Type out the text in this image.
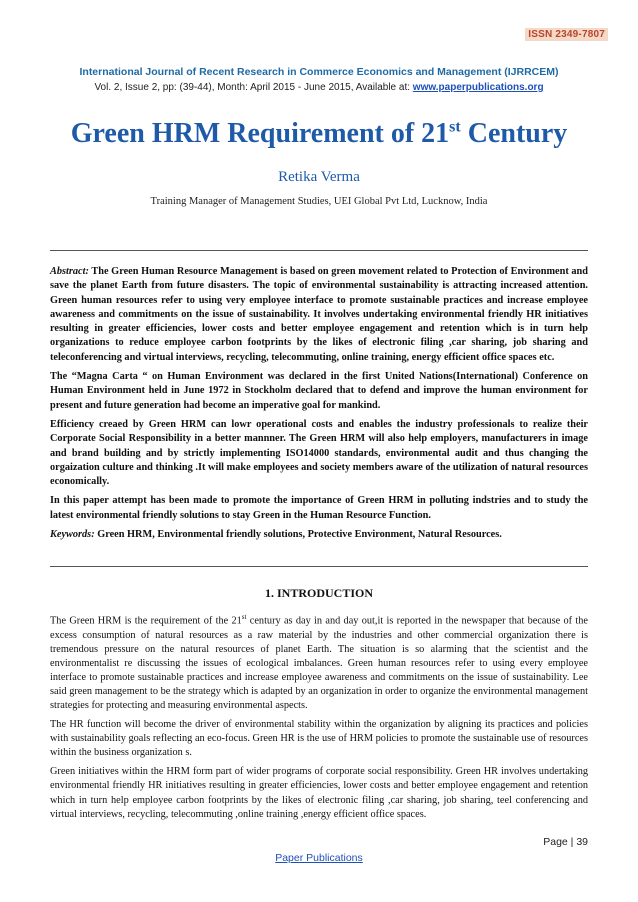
ISSN 2349-7807
International Journal of Recent Research in Commerce Economics and Management (IJRRCEM)
Vol. 2, Issue 2, pp: (39-44), Month: April 2015 - June 2015, Available at: www.paperpublications.org
Green HRM Requirement of 21st Century
Retika Verma
Training Manager of Management Studies, UEI Global Pvt Ltd, Lucknow, India

Abstract: The Green Human Resource Management is based on green movement related to Protection of Environment and save the planet Earth from future disasters. The topic of environmental sustainability is attracting increased attention. Green human resources refer to using very employee interface to promote sustainable practices and increase employee awareness and commitments on the issue of sustainability. It involves undertaking environmental friendly HR initiatives resulting in greater efficiencies, lower costs and better employee engagement and retention which is in turn help organizations to reduce employee carbon footprints by the likes of electronic filing ,car sharing, job sharing and teleconferencing and virtual interviews, recycling, telecommuting, online training, energy efficient office spaces etc.

The “Magna Carta “ on Human Environment was declared in the first United Nations(International) Conference on Human Environment held in June 1972 in Stockholm declared that to defend and improve the human environment for present and future generation had become an imperative goal for mankind.

Efficiency creaed by Green HRM can lowr operational costs and enables the industry professionals to realize their Corporate Social Responsibility in a better mannner. The Green HRM will also help employers, manufacturers in image and brand building and by strictly implementing ISO14000 standards, environmental audit and thus changing the orgaization culture and thinking .It will make employees and society members aware of the utilization of natural resources economically.

In this paper attempt has been made to promote the importance of Green HRM in polluting indstries and to study the latest environmental friendly solutions to stay Green in the Human Resource Function.

Keywords: Green HRM, Environmental friendly solutions, Protective Environment, Natural Resources.

1. INTRODUCTION

The Green HRM is the requirement of the 21st century as day in and day out,it is reported in the newspaper that because of the excess consumption of natural resources as a raw material by the industries and other commercial organization there is tremendous pressure on the natural resources of planet Earth. The situation is so alarming that the scientist and the environmentalist re discussing the issues of ecological imbalances. Green human resources refer to using every employee interface to promote sustainable practices and increase employee awareness and commitments on the issue of sustainability. Lee said green management to be the strategy which is adapted by an organization in order to organize the environmental management strategies for protecting and measuring environmental aspects.

The HR function will become the driver of environmental stability within the organization by aligning its practices and policies with sustainability goals reflecting an eco-focus. Green HR is the use of HRM policies to promote the sustainable use of resources within the business organization s.

Green initiatives within the HRM form part of wider programs of corporate social responsibility. Green HR involves undertaking environmental friendly HR initiatives resulting in greater efficiencies, lower costs and better employee engagement and retention which in turn help employee carbon footprints by the likes of electronic filing ,car sharing, job sharing, teel conferencing and virtual interviews, recycling, telecommuting ,online training ,energy efficient office spaces.

Page | 39
Paper Publications
